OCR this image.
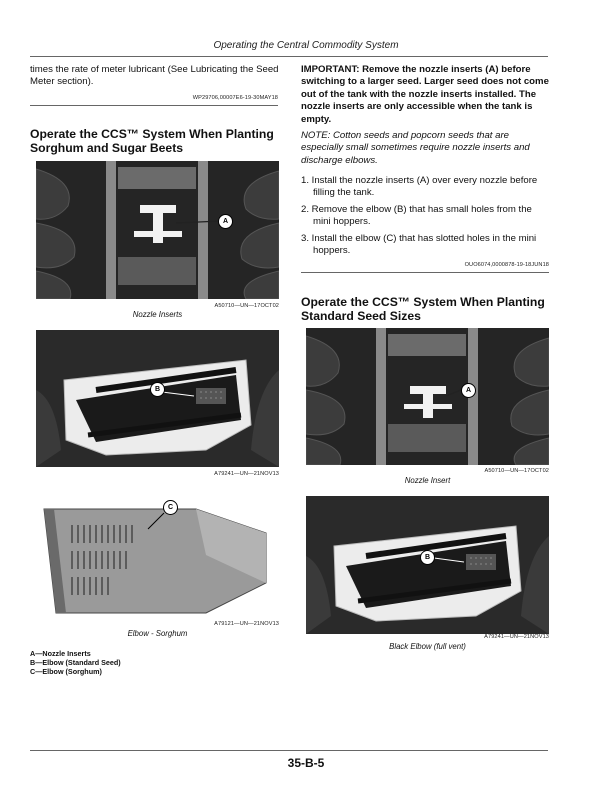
Operating the Central Commodity System
times the rate of meter lubricant (See Lubricating the Seed Meter section).
WP29706,00007E6-19-30MAY18
Operate the CCS™ System When Planting Sorghum and Sugar Beets
A
A50710—UN—17OCT02
Nozzle Inserts
B
A79241—UN—21NOV13
C
A79121—UN—21NOV13
Elbow - Sorghum
A—Nozzle Inserts
B—Elbow (Standard Seed)
C—Elbow (Sorghum)
IMPORTANT: Remove the nozzle inserts (A) before switching to a larger seed. Larger seed does not come out of the tank with the nozzle inserts installed. The nozzle inserts are only accessible when the tank is empty.
NOTE: Cotton seeds and popcorn seeds that are especially small sometimes require nozzle inserts and discharge elbows.
1. Install the nozzle inserts (A) over every nozzle before filling the tank.
2. Remove the elbow (B) that has small holes from the mini hoppers.
3. Install the elbow (C) that has slotted holes in the mini hoppers.
OUO6074,0000878-19-18JUN18
Operate the CCS™ System When Planting Standard Seed Sizes
A
A50710—UN—17OCT02
Nozzle Insert
B
A79241—UN—21NOV13
Black Elbow (full vent)
35-B-5
